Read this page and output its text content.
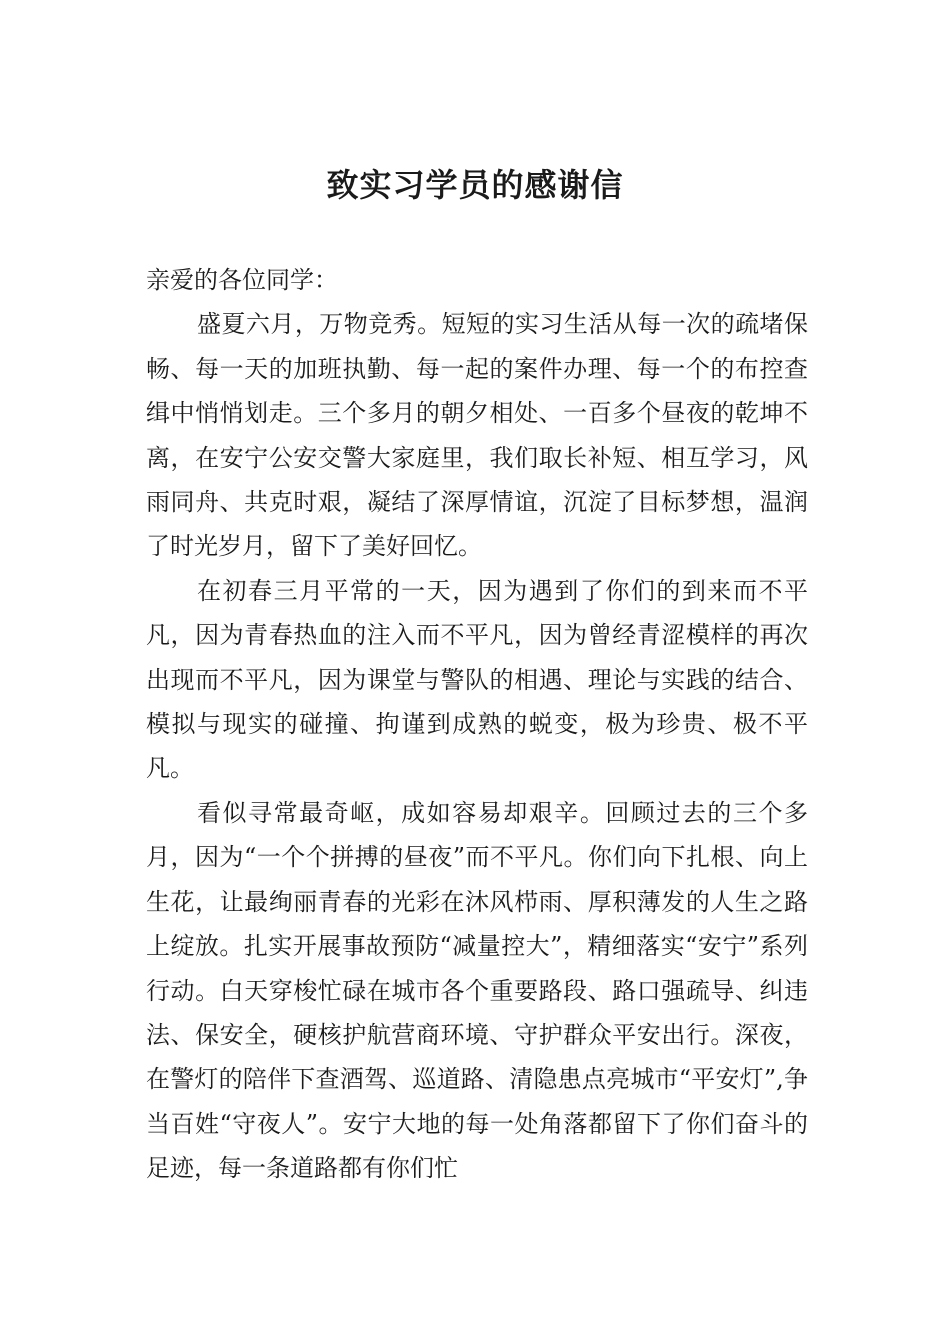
致实习学员的感谢信

亲爱的各位同学：

盛夏六月，万物竞秀。短短的实习生活从每一次的疏堵保畅、每一天的加班执勤、每一起的案件办理、每一个的布控查缉中悄悄划走。三个多月的朝夕相处、一百多个昼夜的乾坤不离，在安宁公安交警大家庭里，我们取长补短、相互学习，风雨同舟、共克时艰，凝结了深厚情谊，沉淀了目标梦想，温润了时光岁月，留下了美好回忆。

在初春三月平常的一天，因为遇到了你们的到来而不平凡，因为青春热血的注入而不平凡，因为曾经青涩模样的再次出现而不平凡，因为课堂与警队的相遇、理论与实践的结合、模拟与现实的碰撞、拘谨到成熟的蜕变，极为珍贵、极不平凡。

看似寻常最奇岖，成如容易却艰辛。回顾过去的三个多月，因为“一个个拼搏的昼夜”而不平凡。你们向下扎根、向上生花，让最绚丽青春的光彩在沐风栉雨、厚积薄发的人生之路上绽放。扎实开展事故预防“减量控大”，精细落实“安宁”系列行动。白天穿梭忙碌在城市各个重要路段、路口强疏导、纠违法、保安全，硬核护航营商环境、守护群众平安出行。深夜，在警灯的陪伴下查酒驾、巡道路、清隐患点亮城市“平安灯”,争当百姓“守夜人”。安宁大地的每一处角落都留下了你们奋斗的足迹，每一条道路都有你们忙
